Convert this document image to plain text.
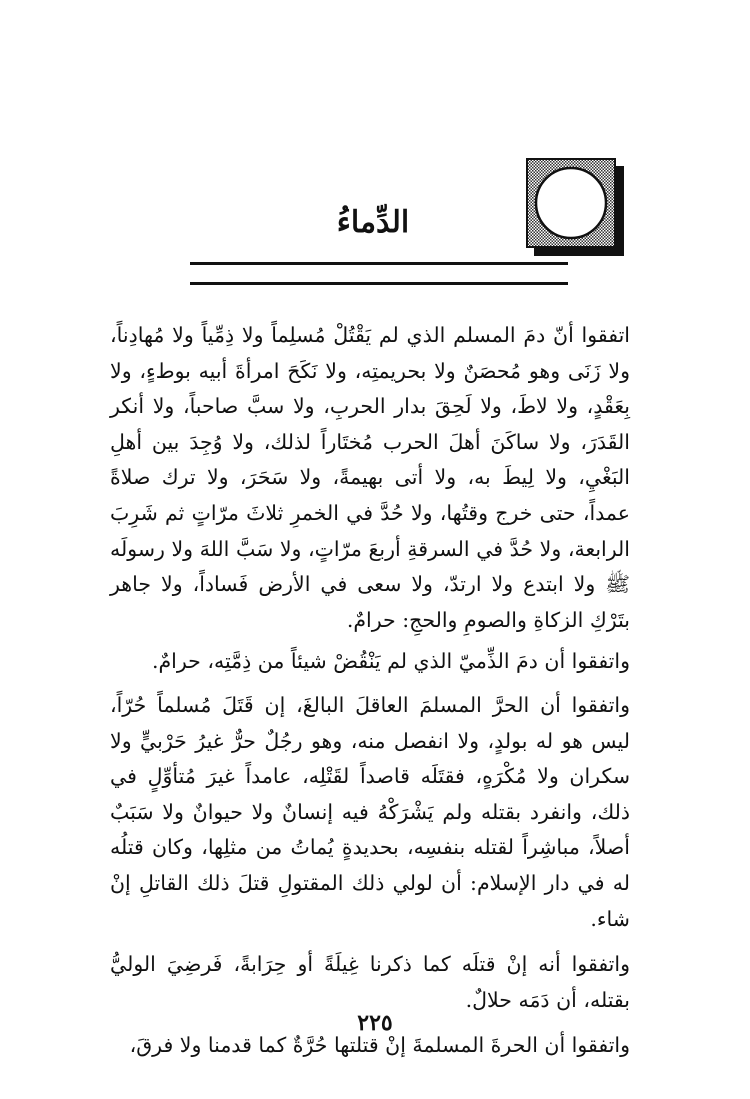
الدِّماءُ

اتفقوا أنّ دمَ المسلم الذي لم يَقْتُلْ مُسلِماً ولا ذِمِّياً ولا مُهادِناً، ولا زَنَى وهو مُحصَنٌ ولا بحريمتِه، ولا نَكَحَ امرأةَ أبيه بوطءٍ، ولا بِعَقْدٍ، ولا لاطَ، ولا لَحِقَ بدار الحربِ، ولا سبَّ صاحباً، ولا أنكر القَدَرَ، ولا ساكَنَ أهلَ الحرب مُختَاراً لذلك، ولا وُجِدَ بين أهلِ البَغْيِ، ولا لِيطَ به، ولا أتى بهيمةً، ولا سَحَرَ، ولا ترك صلاةً عمداً، حتى خرج وقتُها، ولا حُدَّ في الخمرِ ثلاثَ مرّاتٍ ثم شَرِبَ الرابعة، ولا حُدَّ في السرقةِ أربعَ مرّاتٍ، ولا سَبَّ اللهَ ولا رسولَه ﷺ ولا ابتدع ولا ارتدّ، ولا سعى في الأرض فَساداً، ولا جاهر بتَرْكِ الزكاةِ والصومِ والحجِ: حرامٌ.

واتفقوا أن دمَ الذِّميّ الذي لم يَنْقُضْ شيئاً من ذِمَّتِه، حرامٌ.

واتفقوا أن الحرَّ المسلمَ العاقلَ البالغَ، إن قَتَلَ مُسلماً حُرّاً، ليس هو له بولدٍ، ولا انفصل منه، وهو رجُلٌ حرٌّ غيرُ حَرْبيٍّ ولا سكران ولا مُكْرَهٍ، فقتَلَه قاصداً لقَتْلِه، عامداً غيرَ مُتأوِّلٍ في ذلك، وانفرد بقتله ولم يَشْرَكْهُ فيه إنسانٌ ولا حيوانٌ ولا سَبَبٌ أصلاً، مباشِراً لقتله بنفسِه، بحديدةٍ يُماتُ من مثلِها، وكان قتلُه له في دار الإسلام: أن لولي ذلك المقتولِ قتلَ ذلك القاتلِ إنْ شاء.

واتفقوا أنه إنْ قتلَه كما ذكرنا غِيلَةً أو حِرَابةً، فَرضِيَ الوليُّ بقتله، أن دَمَه حلالٌ.

واتفقوا أن الحرةَ المسلمةَ إنْ قتلتها حُرَّةٌ كما قدمنا ولا فرقَ،

٢٢٥
